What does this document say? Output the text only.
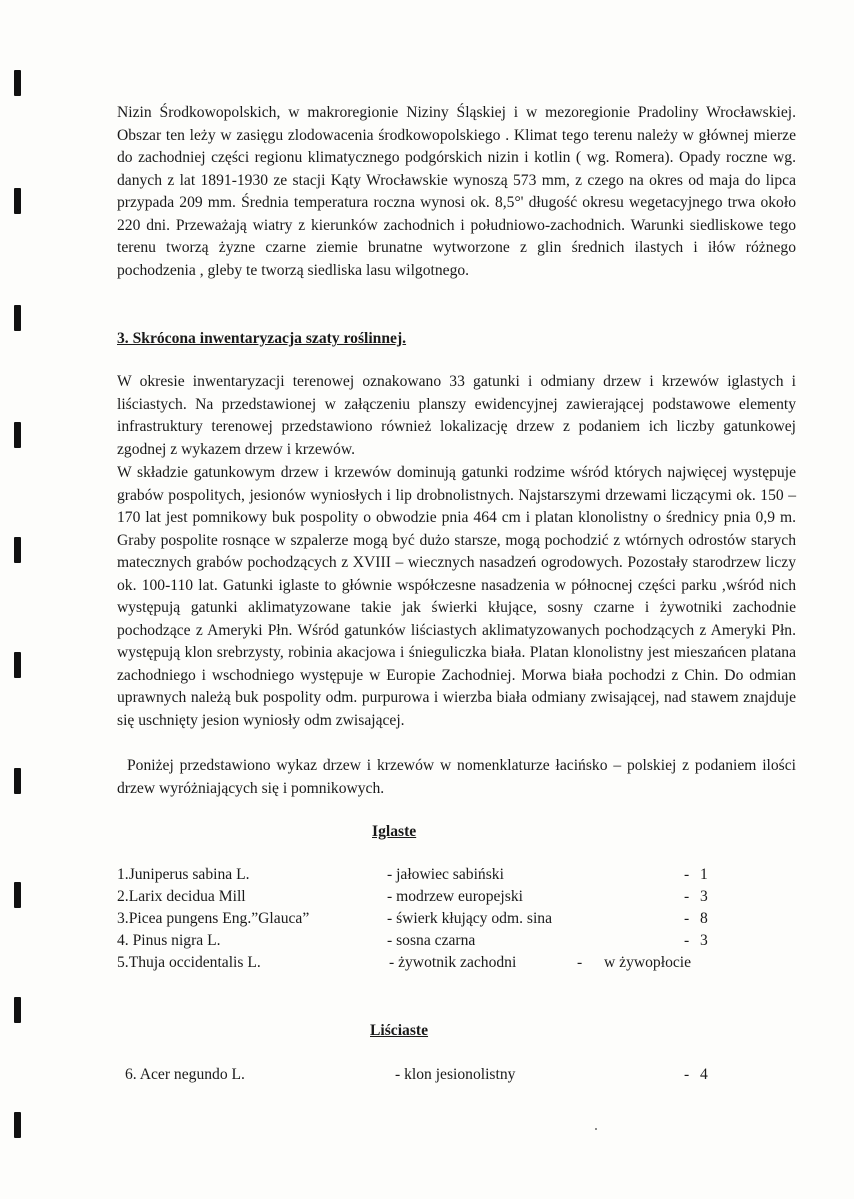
Nizin Środkowopolskich, w makroregionie Niziny Śląskiej i w mezoregionie Pradoliny Wrocławskiej. Obszar ten leży w zasięgu zlodowacenia środkowopolskiego . Klimat tego terenu należy w głównej mierze do zachodniej części regionu klimatycznego podgórskich nizin i kotlin ( wg. Romera). Opady roczne wg. danych z lat 1891-1930 ze stacji Kąty Wrocławskie wynoszą 573 mm, z czego na okres od maja do lipca przypada 209 mm. Średnia temperatura roczna wynosi ok. 8,5°' długość okresu wegetacyjnego trwa około 220 dni. Przeważają wiatry z kierunków zachodnich i południowo-zachodnich. Warunki siedliskowe tego terenu tworzą żyzne czarne ziemie brunatne wytworzone z glin średnich ilastych i iłów różnego pochodzenia , gleby te tworzą siedliska lasu wilgotnego.

3. Skrócona inwentaryzacja szaty roślinnej.

W okresie inwentaryzacji terenowej oznakowano 33 gatunki i odmiany drzew i krzewów iglastych i liściastych. Na przedstawionej w załączeniu planszy ewidencyjnej zawierającej podstawowe elementy infrastruktury terenowej przedstawiono również lokalizację drzew z podaniem ich liczby gatunkowej zgodnej z wykazem drzew i krzewów.

W składzie gatunkowym drzew i krzewów dominują gatunki rodzime wśród których najwięcej występuje grabów pospolitych, jesionów wyniosłych i lip drobnolistnych. Najstarszymi drzewami liczącymi ok. 150 – 170 lat jest pomnikowy buk pospolity o obwodzie pnia 464 cm i platan klonolistny o średnicy pnia 0,9 m. Graby pospolite rosnące w szpalerze mogą być dużo starsze, mogą pochodzić z wtórnych odrostów starych matecznych grabów pochodzących z XVIII – wiecznych nasadzeń ogrodowych. Pozostały starodrzew liczy ok. 100-110 lat. Gatunki iglaste to głównie współczesne nasadzenia w północnej części parku ,wśród nich występują gatunki aklimatyzowane takie jak świerki kłujące, sosny czarne i żywotniki zachodnie pochodzące z Ameryki Płn. Wśród gatunków liściastych aklimatyzowanych pochodzących z Ameryki Płn. występują klon srebrzysty, robinia akacjowa i śnieguliczka biała. Platan klonolistny jest mieszańcen platana zachodniego i wschodniego występuje w Europie Zachodniej. Morwa biała pochodzi z Chin. Do odmian uprawnych należą buk pospolity odm. purpurowa i wierzba biała odmiany zwisającej, nad stawem znajduje się uschnięty jesion wyniosły odm zwisającej.

Poniżej przedstawiono wykaz drzew i krzewów w nomenklaturze łacińsko – polskiej z podaniem ilości drzew wyróżniających się i pomnikowych.

Iglaste
1.Juniperus sabina L.	- jałowiec sabiński	- 1
2.Larix decidua Mill	- modrzew europejski	- 3
3.Picea pungens Eng.”Glauca”	- świerk kłujący odm. sina	- 8
4. Pinus nigra L.	- sosna czarna	- 3
5.Thuja occidentalis L.	- żywotnik zachodni	- w żywopłocie
Liściaste
6. Acer negundo L.	- klon jesionolistny	- 4
